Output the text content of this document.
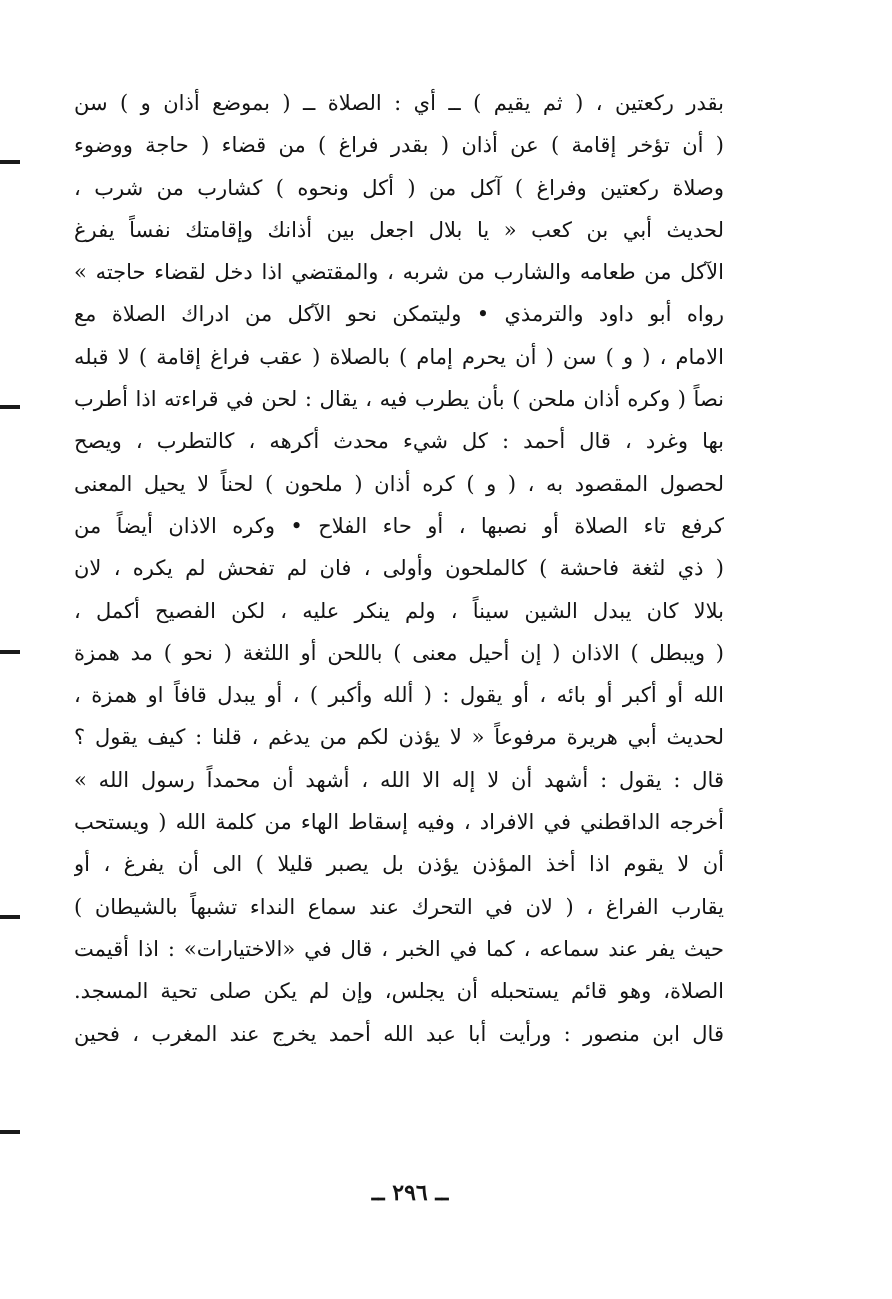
بقدر ركعتين ، ( ثم يقيم ) ــ أي : الصلاة ــ ( بموضع أذان و ) سن
( أن تؤخر إقامة ) عن أذان ( بقدر فراغ ) من قضاء ( حاجة ووضوء
وصلاة ركعتين وفراغ ) آكل من ( أكل ونحوه ) كشارب من شرب ،
لحديث أبي بن كعب « يا بلال اجعل بين أذانك وإقامتك نفساً يفرغ
الآكل من طعامه والشارب من شربه ، والمقتضي اذا دخل لقضاء حاجته »
رواه أبو داود والترمذي • وليتمكن نحو الآكل من ادراك الصلاة مع
الامام ، ( و ) سن ( أن يحرم إمام ) بالصلاة ( عقب فراغ إقامة ) لا قبله
نصاً ( وكره أذان ملحن ) بأن يطرب فيه ، يقال : لحن في قراءته اذا أطرب
بها وغرد ، قال أحمد : كل شيء محدث أكرهه ، كالتطرب ، ويصح
لحصول المقصود به ، ( و ) كره أذان ( ملحون ) لحناً لا يحيل المعنى
كرفع تاء الصلاة أو نصبها ، أو حاء الفلاح • وكره الاذان أيضاً من
( ذي لثغة فاحشة ) كالملحون وأولى ، فان لم تفحش لم يكره ، لان
بلالا كان يبدل الشين سيناً ، ولم ينكر عليه ، لكن الفصيح أكمل ،
( ويبطل ) الاذان ( إن أحيل معنى ) باللحن أو اللثغة ( نحو ) مد همزة
الله أو أكبر أو بائه ، أو يقول : ( ألله وأكبر ) ، أو يبدل قافاً او همزة ،
لحديث أبي هريرة مرفوعاً « لا يؤذن لكم من يدغم ، قلنا : كيف يقول ؟
قال : يقول : أشهد أن لا إله الا الله ، أشهد أن محمداً رسول الله »
أخرجه الداقطني في الافراد ، وفيه إسقاط الهاء من كلمة الله ( ويستحب
أن لا يقوم اذا أخذ المؤذن يؤذن بل يصبر قليلا ) الى أن يفرغ ، أو
يقارب الفراغ ، ( لان في التحرك عند سماع النداء تشبهاً بالشيطان )
حيث يفر عند سماعه ، كما في الخبر ، قال في «الاختيارات» : اذا أقيمت
الصلاة، وهو قائم يستحبله أن يجلس، وإن لم يكن صلى تحية المسجد.
قال ابن منصور : ورأيت أبا عبد الله أحمد يخرج عند المغرب ، فحين
ــ ٢٩٦ ــ
